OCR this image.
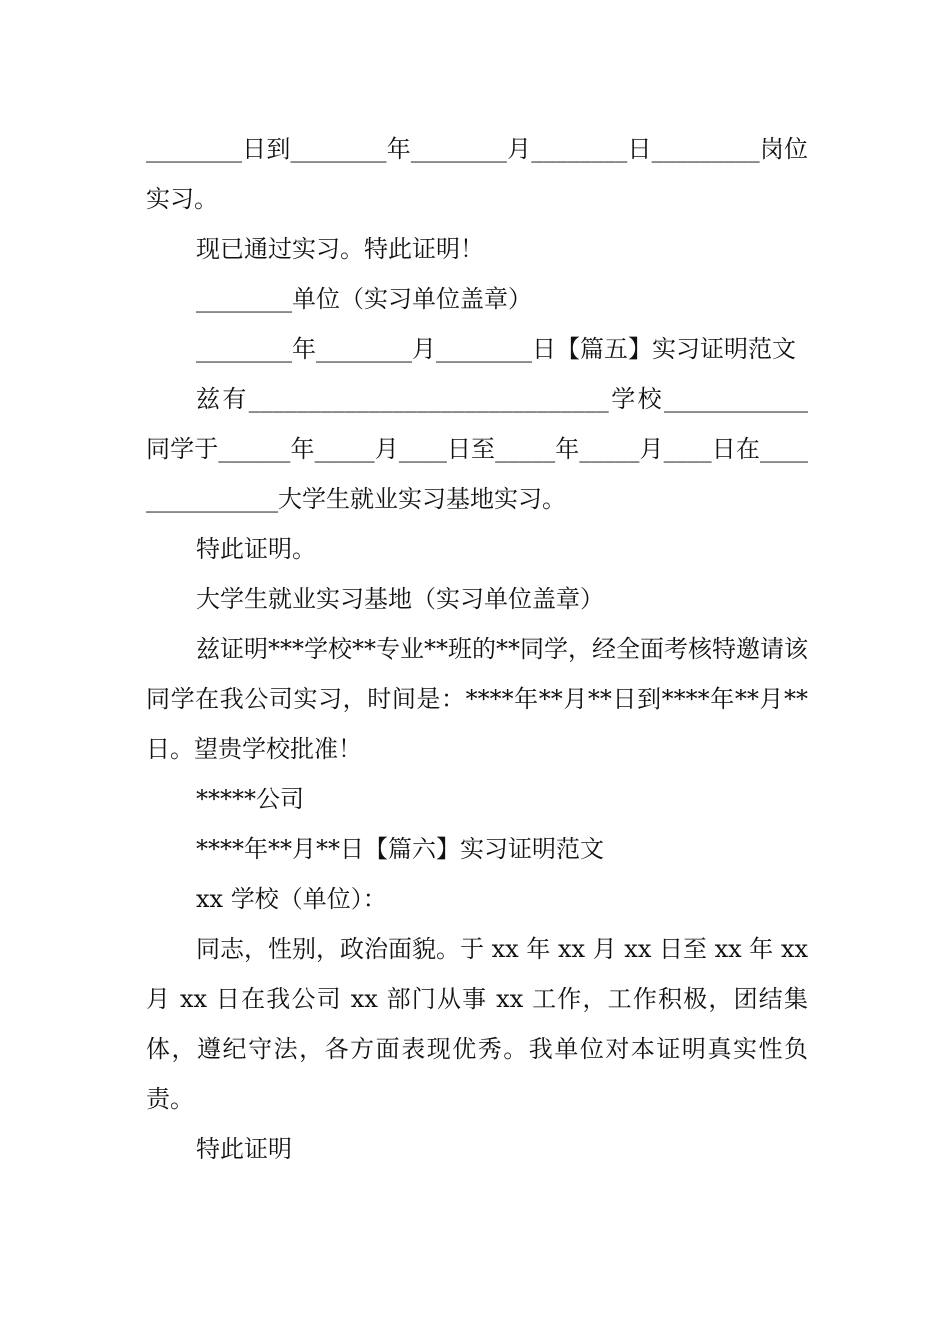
________日到________年________月________日_________岗位实习。

现已通过实习。特此证明！

________单位（实习单位盖章）

________年________月________日【篇五】实习证明范文

兹有______________________________学校____________同学于______年_____月____日至_____年_____月____日在_______________大学生就业实习基地实习。

特此证明。

大学生就业实习基地（实习单位盖章）

兹证明***学校**专业**班的**同学，经全面考核特邀请该同学在我公司实习，时间是：****年**月**日到****年**月**日。望贵学校批准！

*****公司

****年**月**日【篇六】实习证明范文

xx 学校（单位）：

同志，性别，政治面貌。于 xx 年 xx 月 xx 日至 xx 年 xx 月 xx 日在我公司 xx 部门从事 xx 工作，工作积极，团结集体，遵纪守法，各方面表现优秀。我单位对本证明真实性负责。

特此证明
